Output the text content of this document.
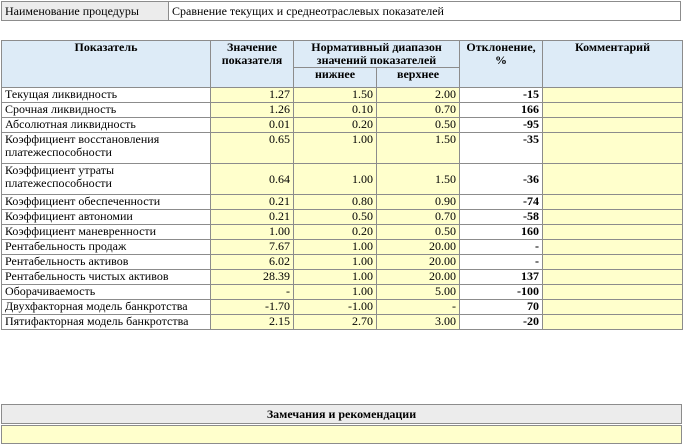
Наименование процедуры	Сравнение текущих и среднеотраслевых показателей
Показатель	Значение показателя	Нормативный диапазон значений показателей		Отклонение, %	Комментарий
		нижнее	верхнее		
Текущая ликвидность	1.27	1.50	2.00	-15	
Срочная ликвидность	1.26	0.10	0.70	166	
Абсолютная ликвидность	0.01	0.20	0.50	-95	
Коэффициент восстановления платежеспособности	0.65	1.00	1.50	-35	
Коэффициент утраты платежеспособности	0.64	1.00	1.50	-36	
Коэффициент обеспеченности	0.21	0.80	0.90	-74	
Коэффициент автономии	0.21	0.50	0.70	-58	
Коэффициент маневренности	1.00	0.20	0.50	160	
Рентабельность продаж	7.67	1.00	20.00	-	
Рентабельность активов	6.02	1.00	20.00	-	
Рентабельность чистых активов	28.39	1.00	20.00	137	
Оборачиваемость	-	1.00	5.00	-100	
Двухфакторная модель банкротства	-1.70	-1.00	-	70	
Пятифакторная модель банкротства	2.15	2.70	3.00	-20	
Замечания и рекомендации
